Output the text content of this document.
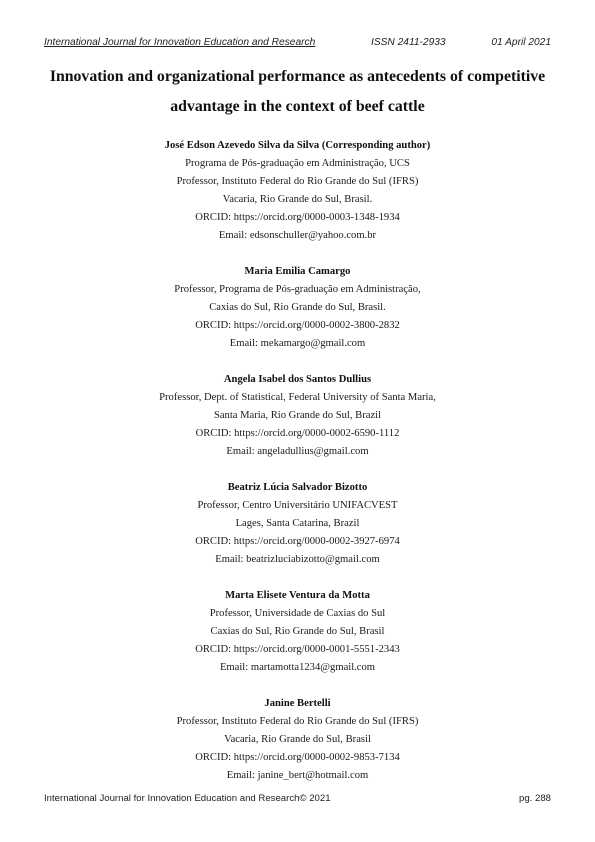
International Journal for Innovation Education and Research	ISSN 2411-2933	01 April 2021
Innovation and organizational performance as antecedents of competitive
advantage in the context of beef cattle
José Edson Azevedo Silva da Silva (Corresponding author)
Programa de Pós-graduação em Administração, UCS
Professor, Instituto Federal do Rio Grande do Sul (IFRS)
Vacaria, Rio Grande do Sul, Brasil.
ORCID: https://orcid.org/0000-0003-1348-1934
Email: edsonschuller@yahoo.com.br
Maria Emilia Camargo
Professor, Programa de Pós-graduação em Administração,
Caxias do Sul, Rio Grande do Sul, Brasil.
ORCID: https://orcid.org/0000-0002-3800-2832
Email: mekamargo@gmail.com
Angela Isabel dos Santos Dullius
Professor, Dept. of Statistical, Federal University of Santa Maria,
Santa Maria, Rio Grande do Sul, Brazil
ORCID: https://orcid.org/0000-0002-6590-1112
Email: angeladullius@gmail.com
Beatriz Lúcia Salvador Bizotto
Professor, Centro Universitário UNIFACVEST
Lages, Santa Catarina, Brazil
ORCID: https://orcid.org/0000-0002-3927-6974
Email: beatrizluciabizotto@gmail.com
Marta Elisete Ventura da Motta
Professor, Universidade de Caxias do Sul
Caxias do Sul, Rio Grande do Sul, Brasil
ORCID: https://orcid.org/0000-0001-5551-2343
Email: martamotta1234@gmail.com
Janine Bertelli
Professor, Instituto Federal do Rio Grande do Sul (IFRS)
Vacaria, Rio Grande do Sul, Brasil
ORCID: https://orcid.org/0000-0002-9853-7134
Email: janine_bert@hotmail.com
International Journal for Innovation Education and Research© 2021	pg. 288
